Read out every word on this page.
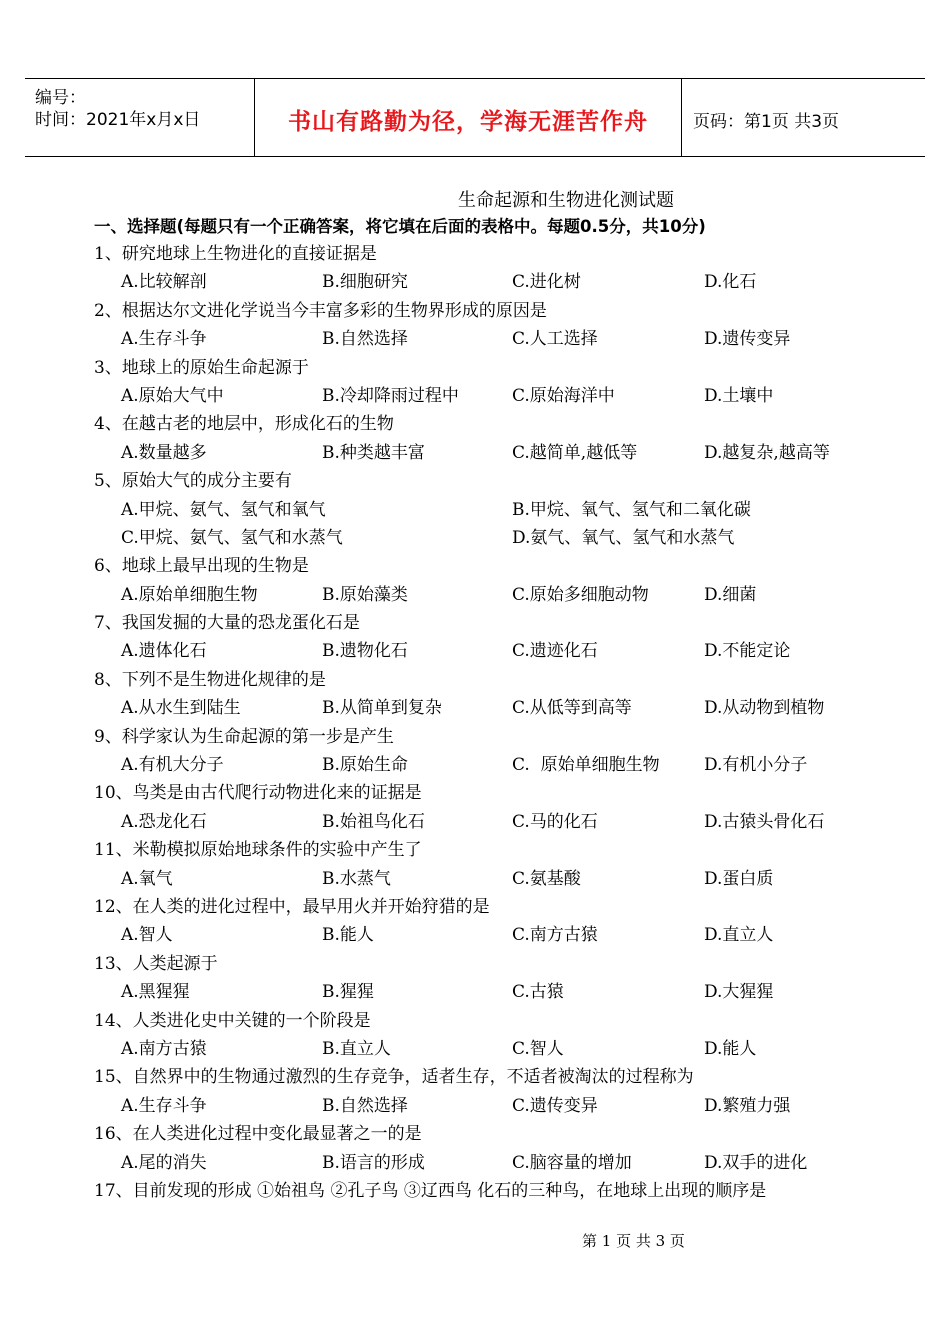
编号：
时间：2021年x月x日	书山有路勤为径，学海无涯苦作舟	页码：第1页 共3页
生命起源和生物进化测试题
一、选择题(每题只有一个正确答案，将它填在后面的表格中。每题0.5分，共10分)
1、研究地球上生物进化的直接证据是
A.比较解剖	B.细胞研究	C.进化树	D.化石
2、根据达尔文进化学说当今丰富多彩的生物界形成的原因是
A.生存斗争	B.自然选择	C.人工选择	D.遗传变异
3、地球上的原始生命起源于
A.原始大气中	B.冷却降雨过程中	C.原始海洋中	D.土壤中
4、在越古老的地层中，形成化石的生物
A.数量越多	B.种类越丰富	C.越简单,越低等	D.越复杂,越高等
5、原始大气的成分主要有
A.甲烷、氨气、氢气和氧气	B.甲烷、氧气、氢气和二氧化碳
C.甲烷、氨气、氢气和水蒸气	D.氨气、氧气、氢气和水蒸气
6、地球上最早出现的生物是
A.原始单细胞生物	B.原始藻类	C.原始多细胞动物	D.细菌
7、我国发掘的大量的恐龙蛋化石是
A.遗体化石	B.遗物化石	C.遗迹化石	D.不能定论
8、下列不是生物进化规律的是
A.从水生到陆生	B.从简单到复杂	C.从低等到高等	D.从动物到植物
9、科学家认为生命起源的第一步是产生
A.有机大分子	B.原始生命	C.  原始单细胞生物	D.有机小分子
10、鸟类是由古代爬行动物进化来的证据是
A.恐龙化石	B.始祖鸟化石	C.马的化石	D.古猿头骨化石
11、米勒模拟原始地球条件的实验中产生了
A.氧气	B.水蒸气	C.氨基酸	D.蛋白质
12、在人类的进化过程中，最早用火并开始狩猎的是
A.智人	B.能人	C.南方古猿	D.直立人
13、人类起源于
A.黑猩猩	B.猩猩	C.古猿	D.大猩猩
14、人类进化史中关键的一个阶段是
A.南方古猿	B.直立人	C.智人	D.能人
15、自然界中的生物通过激烈的生存竞争，适者生存，不适者被淘汰的过程称为
A.生存斗争	B.自然选择	C.遗传变异	D.繁殖力强
16、在人类进化过程中变化最显著之一的是
A.尾的消失	B.语言的形成	C.脑容量的增加	D.双手的进化
17、目前发现的形成 ①始祖鸟 ②孔子鸟 ③辽西鸟 化石的三种鸟，在地球上出现的顺序是
第 1 页 共 3 页
